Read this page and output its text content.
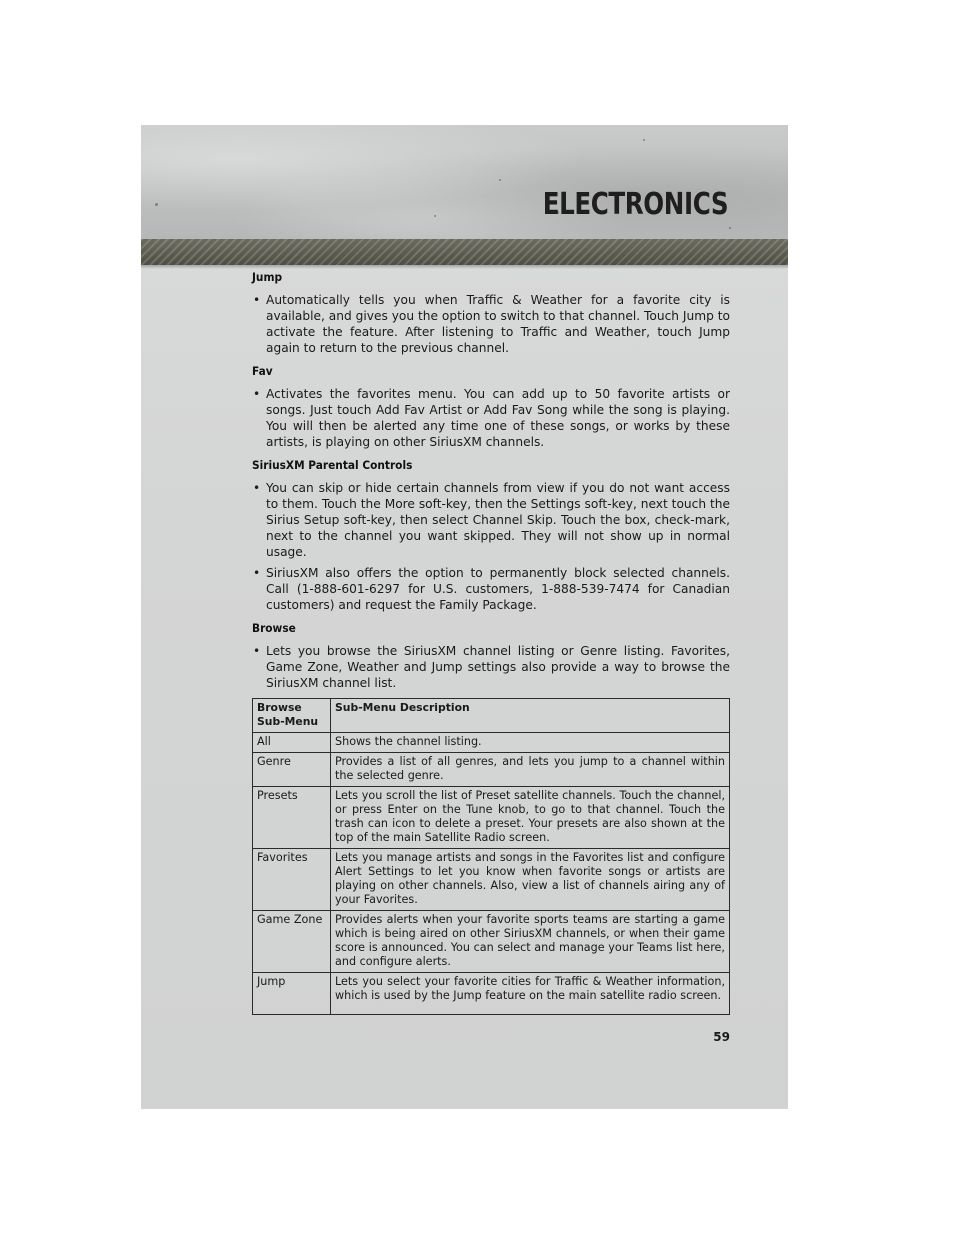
ELECTRONICS
Jump
• Automatically tells you when Traffic & Weather for a favorite city is available, and gives you the option to switch to that channel. Touch Jump to activate the feature. After listening to Traffic and Weather, touch Jump again to return to the previous channel.
Fav
• Activates the favorites menu. You can add up to 50 favorite artists or songs. Just touch Add Fav Artist or Add Fav Song while the song is playing. You will then be alerted any time one of these songs, or works by these artists, is playing on other SiriusXM channels.
SiriusXM Parental Controls
• You can skip or hide certain channels from view if you do not want access to them. Touch the More soft-key, then the Settings soft-key, next touch the Sirius Setup soft-key, then select Channel Skip. Touch the box, check-mark, next to the channel you want skipped. They will not show up in normal usage.
• SiriusXM also offers the option to permanently block selected channels. Call (1-888-601-6297 for U.S. customers, 1-888-539-7474 for Canadian customers) and request the Family Package.
Browse
• Lets you browse the SiriusXM channel listing or Genre listing. Favorites, Game Zone, Weather and Jump settings also provide a way to browse the SiriusXM channel list.
Browse Sub-Menu	Sub-Menu Description
All	Shows the channel listing.
Genre	Provides a list of all genres, and lets you jump to a channel within the selected genre.
Presets	Lets you scroll the list of Preset satellite channels. Touch the channel, or press Enter on the Tune knob, to go to that channel. Touch the trash can icon to delete a preset. Your presets are also shown at the top of the main Satellite Radio screen.
Favorites	Lets you manage artists and songs in the Favorites list and configure Alert Settings to let you know when favorite songs or artists are playing on other channels. Also, view a list of channels airing any of your Favorites.
Game Zone	Provides alerts when your favorite sports teams are starting a game which is being aired on other SiriusXM channels, or when their game score is announced. You can select and manage your Teams list here, and configure alerts.
Jump	Lets you select your favorite cities for Traffic & Weather information, which is used by the Jump feature on the main satellite radio screen.

59
